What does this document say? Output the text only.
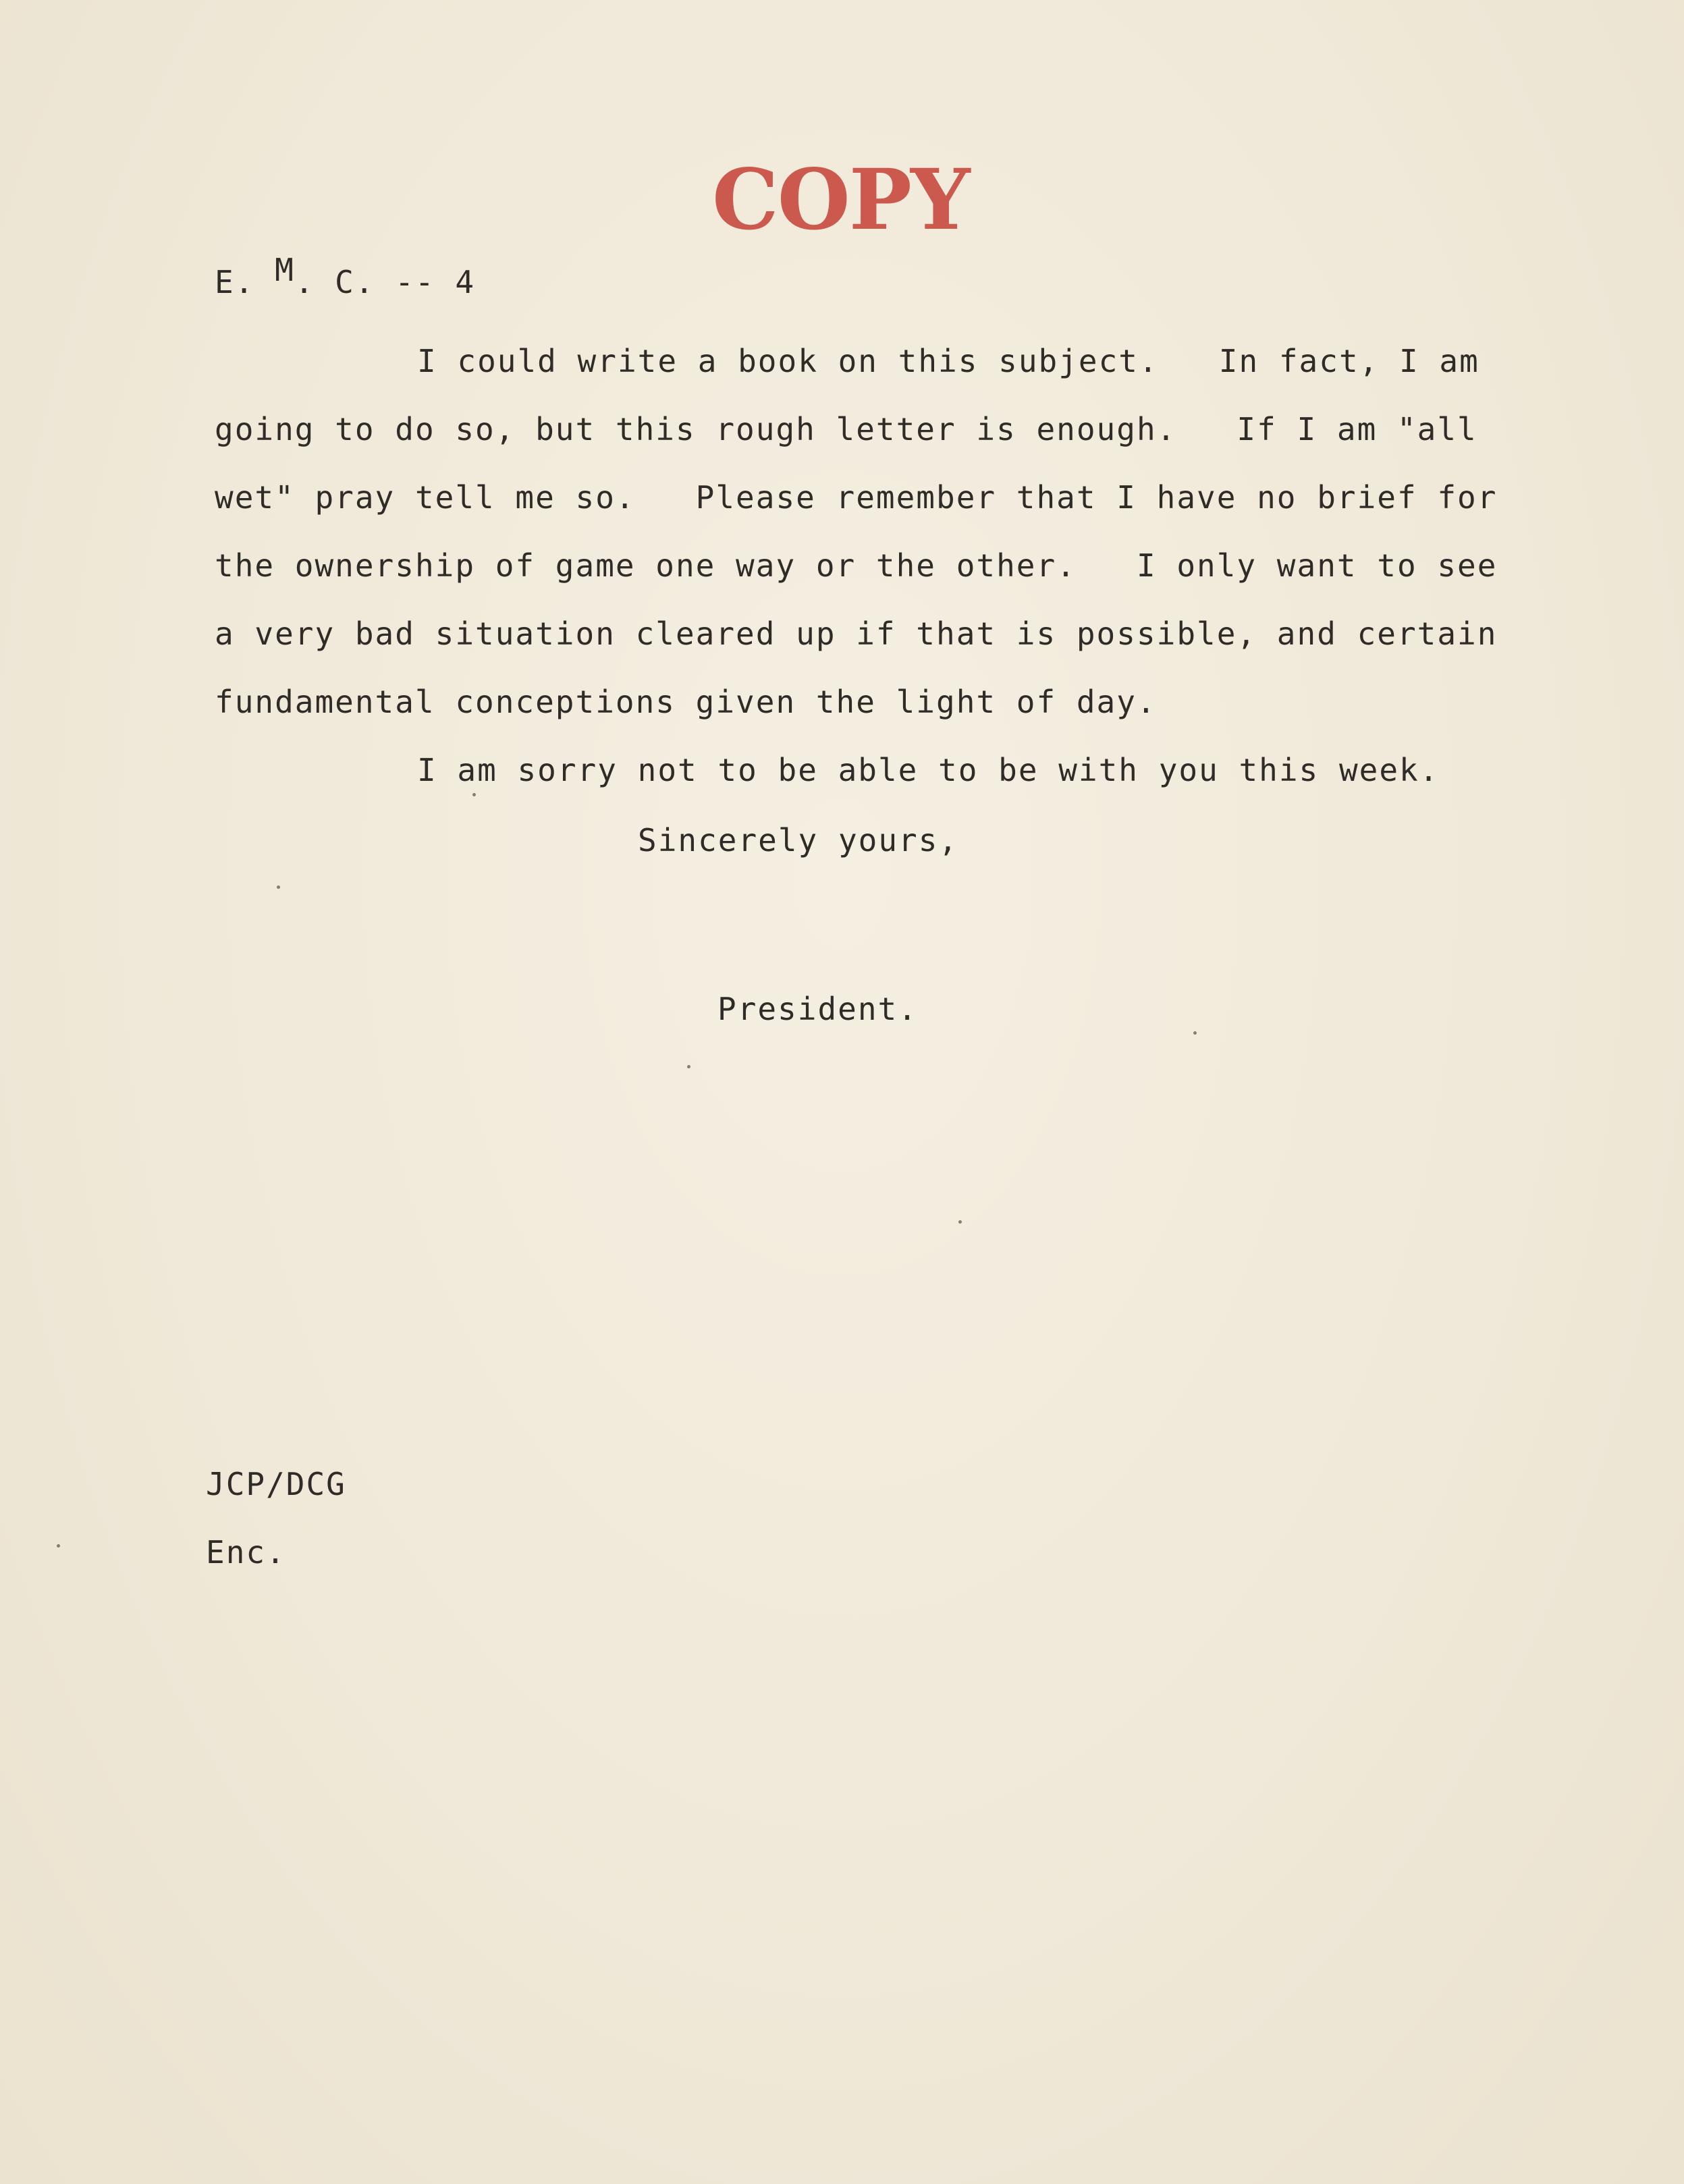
COPY
E. M. C. -- 4
I could write a book on this subject.   In fact, I am
going to do so, but this rough letter is enough.   If I am "all
wet" pray tell me so.   Please remember that I have no brief for
the ownership of game one way or the other.   I only want to see
a very bad situation cleared up if that is possible, and certain
fundamental conceptions given the light of day.
I am sorry not to be able to be with you this week.
Sincerely yours,
President.
JCP/DCG
Enc.
